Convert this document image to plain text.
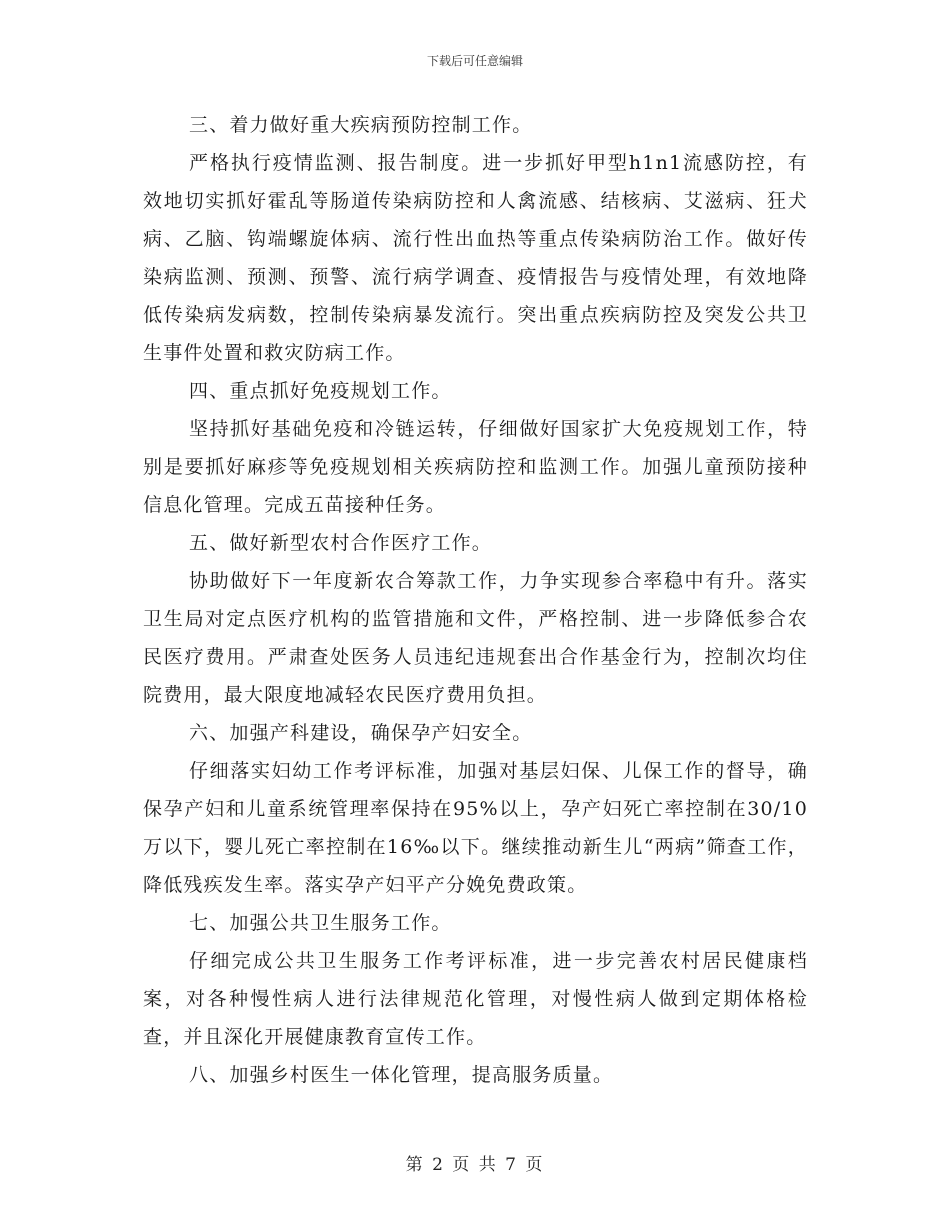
下载后可任意编辑

三、着力做好重大疾病预防控制工作。

严格执行疫情监测、报告制度。进一步抓好甲型h1n1流感防控，有效地切实抓好霍乱等肠道传染病防控和人禽流感、结核病、艾滋病、狂犬病、乙脑、钩端螺旋体病、流行性出血热等重点传染病防治工作。做好传染病监测、预测、预警、流行病学调查、疫情报告与疫情处理，有效地降低传染病发病数，控制传染病暴发流行。突出重点疾病防控及突发公共卫生事件处置和救灾防病工作。

四、重点抓好免疫规划工作。

坚持抓好基础免疫和冷链运转，仔细做好国家扩大免疫规划工作，特别是要抓好麻疹等免疫规划相关疾病防控和监测工作。加强儿童预防接种信息化管理。完成五苗接种任务。

五、做好新型农村合作医疗工作。

协助做好下一年度新农合筹款工作，力争实现参合率稳中有升。落实卫生局对定点医疗机构的监管措施和文件，严格控制、进一步降低参合农民医疗费用。严肃查处医务人员违纪违规套出合作基金行为，控制次均住院费用，最大限度地减轻农民医疗费用负担。

六、加强产科建设，确保孕产妇安全。

仔细落实妇幼工作考评标准，加强对基层妇保、儿保工作的督导，确保孕产妇和儿童系统管理率保持在95%以上，孕产妇死亡率控制在30/10万以下，婴儿死亡率控制在16‰以下。继续推动新生儿“两病”筛查工作，降低残疾发生率。落实孕产妇平产分娩免费政策。

七、加强公共卫生服务工作。

仔细完成公共卫生服务工作考评标准，进一步完善农村居民健康档案，对各种慢性病人进行法律规范化管理，对慢性病人做到定期体格检查，并且深化开展健康教育宣传工作。

八、加强乡村医生一体化管理，提高服务质量。

第 2 页 共 7 页
